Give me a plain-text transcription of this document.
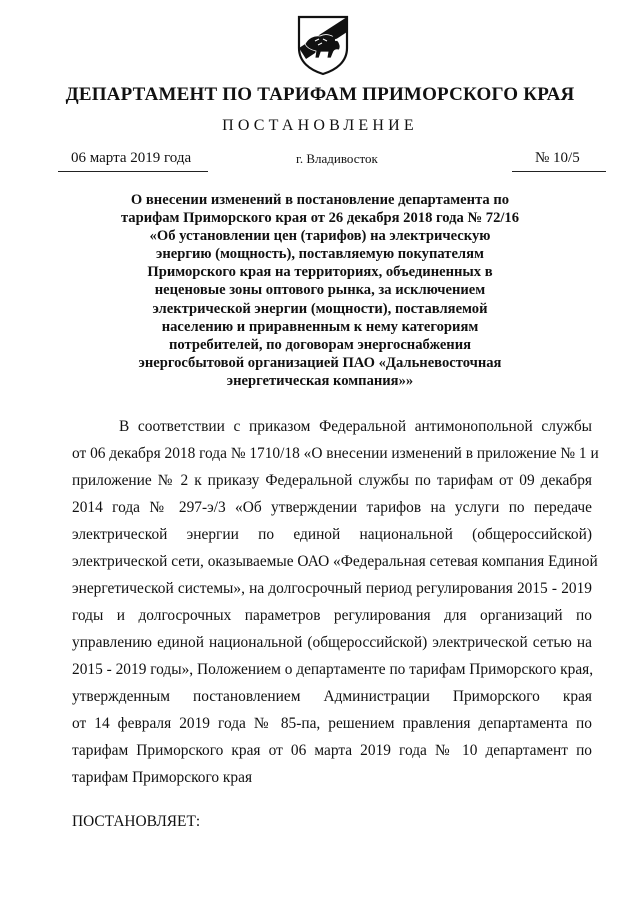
ДЕПАРТАМЕНТ ПО ТАРИФАМ ПРИМОРСКОГО КРАЯ
ПОСТАНОВЛЕНИЕ
06 марта 2019 года	г. Владивосток	№ 10/5
О внесении изменений в постановление департамента по
тарифам Приморского края от 26 декабря 2018 года № 72/16
«Об установлении цен (тарифов) на электрическую
энергию (мощность), поставляемую покупателям
Приморского края на территориях, объединенных в
неценовые зоны оптового рынка, за исключением
электрической энергии (мощности), поставляемой
населению и приравненным к нему категориям
потребителей, по договорам энергоснабжения
энергосбытовой организацией ПАО «Дальневосточная
энергетическая компания»»
В соответствии с приказом Федеральной антимонопольной службы
от 06 декабря 2018 года № 1710/18 «О внесении изменений в приложение № 1 и
приложение № 2 к приказу Федеральной службы по тарифам от 09 декабря
2014 года № 297-э/3 «Об утверждении тарифов на услуги по передаче
электрической энергии по единой национальной (общероссийской)
электрической сети, оказываемые ОАО «Федеральная сетевая компания Единой
энергетической системы», на долгосрочный период регулирования 2015 - 2019
годы и долгосрочных параметров регулирования для организаций по
управлению единой национальной (общероссийской) электрической сетью на
2015 - 2019 годы», Положением о департаменте по тарифам Приморского края,
утвержденным постановлением Администрации Приморского края
от 14 февраля 2019 года № 85-па, решением правления департамента по
тарифам Приморского края от 06 марта 2019 года № 10 департамент по
тарифам Приморского края
ПОСТАНОВЛЯЕТ:
